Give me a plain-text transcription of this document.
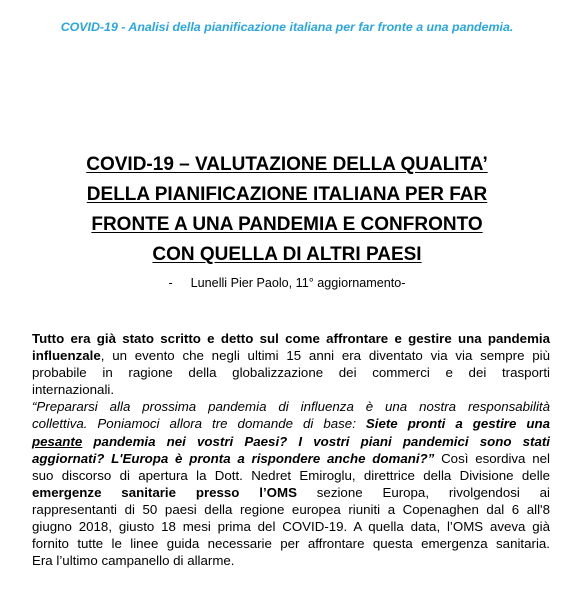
COVID-19 - Analisi della pianificazione italiana per far fronte a una pandemia.
COVID-19 – VALUTAZIONE DELLA QUALITA’
DELLA PIANIFICAZIONE ITALIANA PER FAR
FRONTE A UNA PANDEMIA E CONFRONTO
CON QUELLA DI ALTRI PAESI
- Lunelli Pier Paolo, 11° aggiornamento-
Tutto era già stato scritto e detto sul come affrontare e gestire una pandemia
influenzale, un evento che negli ultimi 15 anni era diventato via via sempre più
probabile in ragione della globalizzazione dei commerci e dei trasporti
internazionali.
“Prepararsi alla prossima pandemia di influenza è una nostra responsabilità
collettiva. Poniamoci allora tre domande di base: Siete pronti a gestire una
pesante pandemia nei vostri Paesi? I vostri piani pandemici sono stati
aggiornati? L'Europa è pronta a rispondere anche domani?” Così esordiva nel
suo discorso di apertura la Dott. Nedret Emiroglu, direttrice della Divisione delle
emergenze sanitarie presso l’OMS sezione Europa, rivolgendosi ai
rappresentanti di 50 paesi della regione europea riuniti a Copenaghen dal 6 all'8
giugno 2018, giusto 18 mesi prima del COVID-19. A quella data, l’OMS aveva già
fornito tutte le linee guida necessarie per affrontare questa emergenza sanitaria.
Era l’ultimo campanello di allarme.
